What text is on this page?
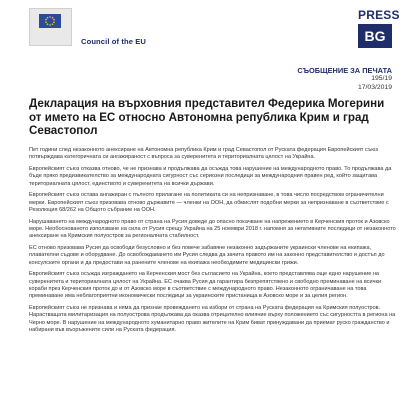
Council of the EU
PRESS
BG
СЪОБЩЕНИЕ ЗА ПЕЧАТА
195/19
17/03/2019
Декларация на върховния представител Федерика Могерини от името на ЕС относно Автономна република Крим и град Севастопол

Пет години след незаконното анексиране на Автономна република Крим и град Севастопол от Руската федерация Европейският съюз потвърждава категоричната си ангажираност с въпроса за суверенитета и териториалната цялост на Украйна.

Европейският съюз отказва отново, че не признава и продължава да осъжда това нарушение на международното право. То продължава да бъде пряко предизвикателство за международната сигурност със сериозни последици за международния правен ред, който защитава териториалната цялост, единството и суверенитета на всички държави.

Европейският съюз остава ангажиран с пълното прилагане на политиката си на непризнаване, в това число посредством ограничителни мерки. Европейският съюз призовава отново държавите — членки на ООН, да обмислят подобни мерки за непризнаване в съответствие с Резолюция 68/262 на Общото събрание на ООН.

Нарушаването на международното право от страна на Русия доведе до опасно покачване на напрежението в Керченския проток и Азовско море. Необоснованото използване на сила от Русия срещу Украйна на 25 ноември 2018 г. напомня за негативните последици от незаконното анексиране на Кримския полуостров за регионалната стабилност.

ЕС отново призовава Русия да освободи безусловно и без повече забавяне незаконно задържаните украински членове на екипажа, плавателни съдове и оборудване. До освобождаването им Русия следва да зачита правото им на законно представителство и достъп до консулските органи и да предостави на ранените членове на екипажа необходимите медицински грижи.

Европейският съюз осъжда изграждането на Керченския мост без съгласието на Украйна, което представлява още едно нарушение на суверенитета и териториалната цялост на Украйна. ЕС очаква Русия да гарантира безпрепятствено и свободно преминаване на всички кораби през Керченския проток до и от Азовско море в съответствие с международното право. Незаконното ограничаване на това преминаване има неблагоприятни икономически последици за украинските пристанища в Азовско море и за целия регион.

Европейският съюз не признава и няма да признае провеждането на избори от страна на Руската федерация на Кримския полуостров. Нарастващата милитаризация на полуострова продължава да оказва отрицателно влияние върху положението със сигурността в региона на Черно море. В нарушение на международното хуманитарно право жителите на Крим биват принуждавани да приемат руско гражданство и набирани във въоръжените сили на Руската федерация.
